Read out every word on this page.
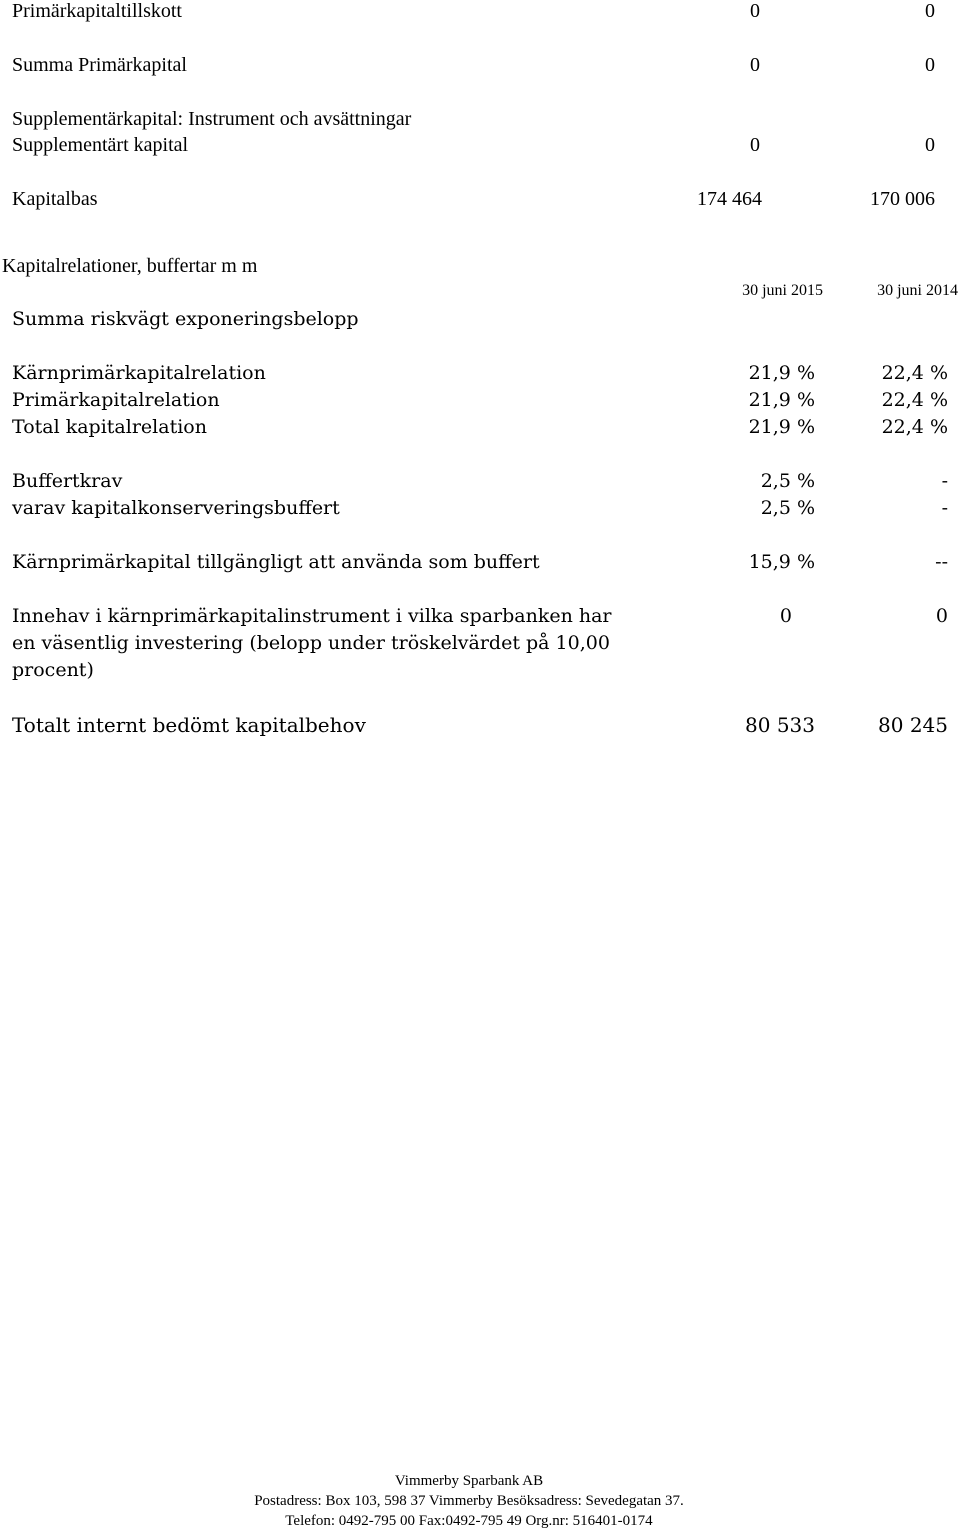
Primärkapitaltillskott	0	0
Summa Primärkapital	0	0
Supplementärkapital: Instrument och avsättningar
Supplementärt kapital	0	0
Kapitalbas	174 464	170 006
Kapitalrelationer, buffertar m m
30 juni 2015	30 juni 2014
Summa riskvägt exponeringsbelopp
Kärnprimärkapitalrelation	21,9 %	22,4 %
Primärkapitalrelation	21,9 %	22,4 %
Total kapitalrelation	21,9 %	22,4 %
Buffertkrav	2,5 %	-
varav kapitalkonserveringsbuffert	2,5 %	-
Kärnprimärkapital tillgängligt att använda som buffert	15,9 %	--
Innehav i kärnprimärkapitalinstrument i vilka sparbanken har
en väsentlig investering (belopp under tröskelvärdet på 10,00
procent)
0	0
Totalt internt bedömt kapitalbehov	80 533	80 245
Vimmerby Sparbank AB
Postadress: Box 103, 598 37 Vimmerby Besöksadress: Sevedegatan 37.
Telefon: 0492-795 00 Fax:0492-795 49 Org.nr: 516401-0174
